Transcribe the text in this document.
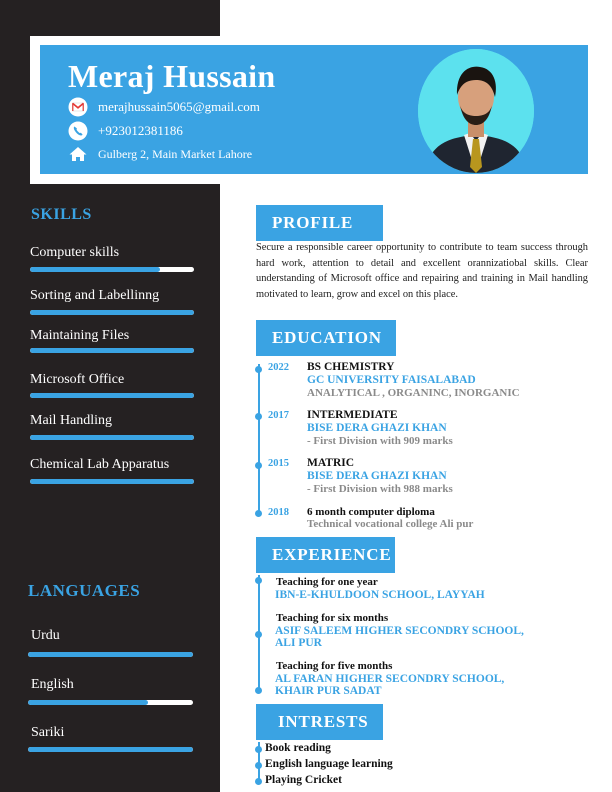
Meraj Hussain
merajhussain5065@gmail.com
+923012381186
Gulberg 2, Main Market Lahore
SKILLS
Computer skills
Sorting and Labellinng
Maintaining Files
Microsoft Office
Mail Handling
Chemical Lab Apparatus
LANGUAGES
Urdu
English
Sariki
PROFILE
Secure a responsible career opportunity to contribute to team success through hard work, attention to detail and excellent orannizatiobal skills. Clear understanding of Microsoft office and repairing and training in Mail handling motivated to learn, grow and excel on this place.
EDUCATION
2022 BS CHEMISTRY
GC UNIVERSITY FAISALABAD
ANALYTICAL , ORGANINC, INORGANIC
2017 INTERMEDIATE
BISE DERA GHAZI KHAN
- First Division with 909 marks
2015 MATRIC
BISE DERA GHAZI KHAN
- First Division with 988 marks
2018 6 month computer diploma
Technical vocational college Ali pur
EXPERIENCE
Teaching for one year
IBN-E-KHULDOON SCHOOL, LAYYAH
Teaching for six months
ASIF SALEEM HIGHER SECONDRY SCHOOL,
ALI PUR
Teaching for five months
AL FARAN HIGHER SECONDRY SCHOOL,
KHAIR PUR SADAT
INTRESTS
Book reading
English language learning
Playing Cricket
